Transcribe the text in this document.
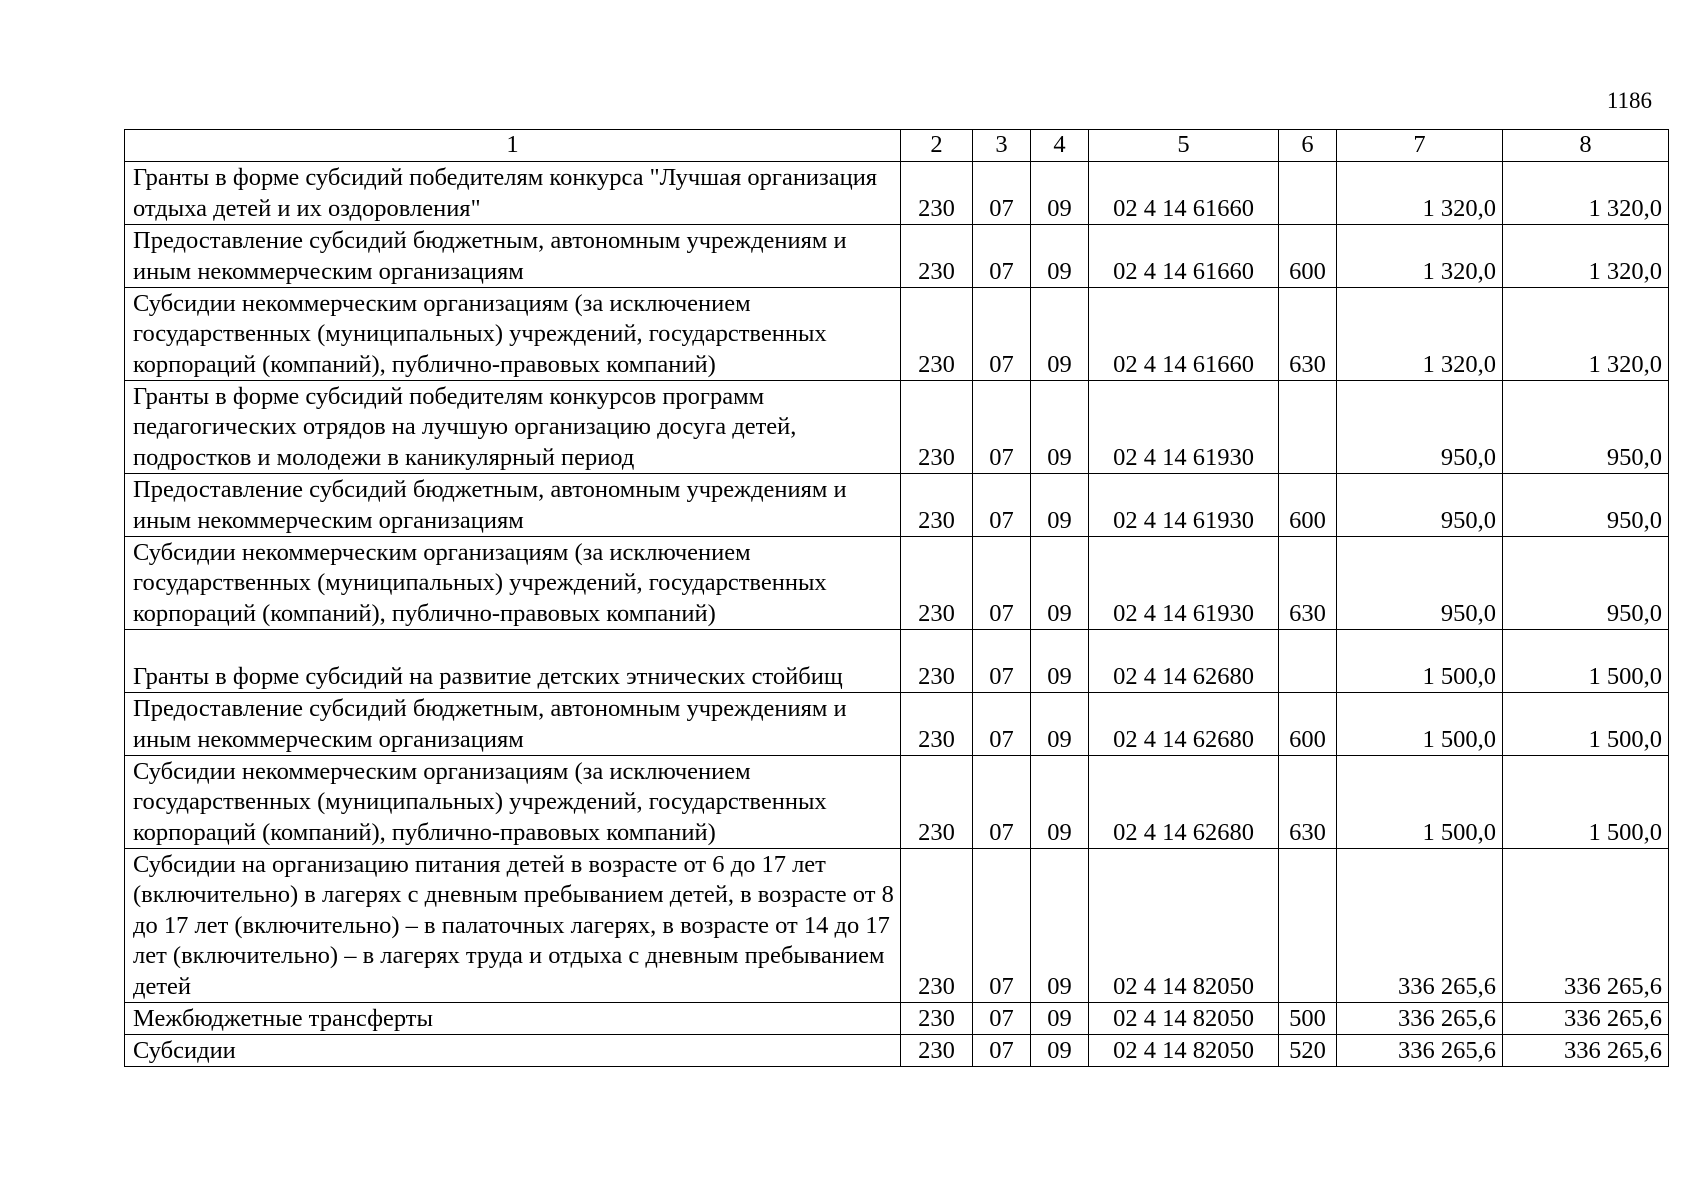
1186
1	2	3	4	5	6	7	8
Гранты в форме субсидий победителям конкурса "Лучшая организация отдыха детей и их оздоровления"	230	07	09	02 4 14 61660		1 320,0	1 320,0
Предоставление субсидий бюджетным, автономным учреждениям и иным некоммерческим организациям	230	07	09	02 4 14 61660	600	1 320,0	1 320,0
Субсидии некоммерческим организациям (за исключением государственных (муниципальных) учреждений, государственных корпораций (компаний), публично-правовых компаний)	230	07	09	02 4 14 61660	630	1 320,0	1 320,0
Гранты в форме субсидий победителям конкурсов программ педагогических отрядов на лучшую организацию досуга детей, подростков и молодежи в каникулярный период	230	07	09	02 4 14 61930		950,0	950,0
Предоставление субсидий бюджетным, автономным учреждениям и иным некоммерческим организациям	230	07	09	02 4 14 61930	600	950,0	950,0
Субсидии некоммерческим организациям (за исключением государственных (муниципальных) учреждений, государственных корпораций (компаний), публично-правовых компаний)	230	07	09	02 4 14 61930	630	950,0	950,0
Гранты в форме субсидий на развитие детских этнических стойбищ	230	07	09	02 4 14 62680		1 500,0	1 500,0
Предоставление субсидий бюджетным, автономным учреждениям и иным некоммерческим организациям	230	07	09	02 4 14 62680	600	1 500,0	1 500,0
Субсидии некоммерческим организациям (за исключением государственных (муниципальных) учреждений, государственных корпораций (компаний), публично-правовых компаний)	230	07	09	02 4 14 62680	630	1 500,0	1 500,0
Субсидии на организацию питания детей в возрасте от 6 до 17 лет (включительно) в лагерях с дневным пребыванием детей, в возрасте от 8 до 17 лет (включительно) – в палаточных лагерях, в возрасте от 14 до 17 лет (включительно) – в лагерях труда и отдыха с дневным пребыванием детей	230	07	09	02 4 14 82050		336 265,6	336 265,6
Межбюджетные трансферты	230	07	09	02 4 14 82050	500	336 265,6	336 265,6
Субсидии	230	07	09	02 4 14 82050	520	336 265,6	336 265,6
